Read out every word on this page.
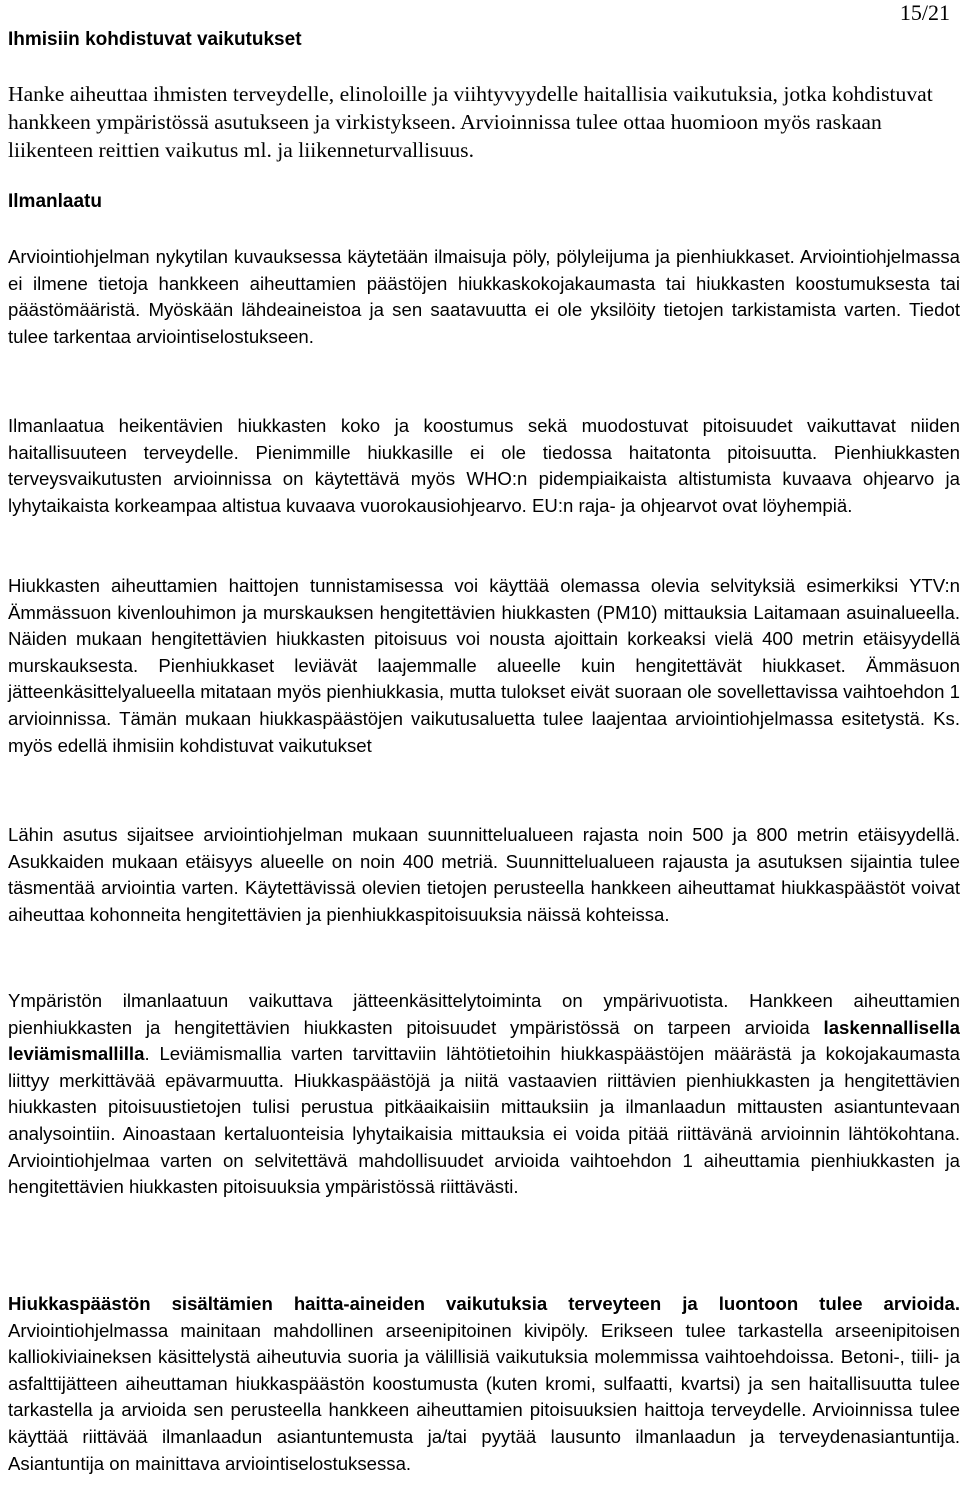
15/21
Ihmisiin kohdistuvat vaikutukset

Hanke aiheuttaa ihmisten terveydelle, elinoloille ja viihtyvyydelle haitallisia vaikutuksia, jotka kohdistuvat hankkeen ympäristössä asutukseen ja virkistykseen. Arvioinnissa tulee ottaa huomioon myös raskaan liikenteen reittien vaikutus ml. ja liikenneturvallisuus.

Ilmanlaatu

Arviointiohjelman nykytilan kuvauksessa käytetään ilmaisuja pöly, pölyleijuma ja pienhiukkaset. Arviointiohjelmassa ei ilmene tietoja hankkeen aiheuttamien päästöjen hiukkaskokojakaumasta tai hiukkasten koostumuksesta tai päästömääristä. Myöskään lähdeaineistoa ja sen saatavuutta ei ole yksilöity tietojen tarkistamista varten. Tiedot tulee tarkentaa arviointiselostukseen.

Ilmanlaatua heikentävien hiukkasten koko ja koostumus sekä muodostuvat pitoisuudet vaikuttavat niiden haitallisuuteen terveydelle. Pienimmille hiukkasille ei ole tiedossa haitatonta pitoisuutta. Pienhiukkasten terveysvaikutusten arvioinnissa on käytettävä myös WHO:n pidempiaikaista altistumista kuvaava ohjearvo ja lyhytaikaista korkeampaa altistua kuvaava vuorokausiohjearvo. EU:n raja- ja ohjearvot ovat löyhempiä.

Hiukkasten aiheuttamien haittojen tunnistamisessa voi käyttää olemassa olevia selvityksiä esimerkiksi YTV:n Ämmässuon kivenlouhimon ja murskauksen hengitettävien hiukkasten (PM10) mittauksia Laitamaan asuinalueella. Näiden mukaan hengitettävien hiukkasten pitoisuus voi nousta ajoittain korkeaksi vielä 400 metrin etäisyydellä murskauksesta. Pienhiukkaset leviävät laajemmalle alueelle kuin hengitettävät hiukkaset. Ämmäsuon jätteenkäsittelyalueella mitataan myös pienhiukkasia, mutta tulokset eivät suoraan ole sovellettavissa vaihtoehdon 1 arvioinnissa. Tämän mukaan hiukkaspäästöjen vaikutusaluetta tulee laajentaa arviointiohjelmassa esitetystä. Ks. myös edellä ihmisiin kohdistuvat vaikutukset

Lähin asutus sijaitsee arviointiohjelman mukaan suunnittelualueen rajasta noin 500 ja 800 metrin etäisyydellä. Asukkaiden mukaan etäisyys alueelle on noin 400 metriä. Suunnittelualueen rajausta ja asutuksen sijaintia tulee täsmentää arviointia varten. Käytettävissä olevien tietojen perusteella hankkeen aiheuttamat hiukkaspäästöt voivat aiheuttaa kohonneita hengitettävien ja pienhiukkaspitoisuuksia näissä kohteissa.

Ympäristön ilmanlaatuun vaikuttava jätteenkäsittelytoiminta on ympärivuotista. Hankkeen aiheuttamien pienhiukkasten ja hengitettävien hiukkasten pitoisuudet ympäristössä on tarpeen arvioida laskennallisella leviämismallilla. Leviämismallia varten tarvittaviin lähtötietoihin hiukkaspäästöjen määrästä ja kokojakaumasta liittyy merkittävää epävarmuutta. Hiukkaspäästöjä ja niitä vastaavien riittävien pienhiukkasten ja hengitettävien hiukkasten pitoisuustietojen tulisi perustua pitkäaikaisiin mittauksiin ja ilmanlaadun mittausten asiantuntevaan analysointiin. Ainoastaan kertaluonteisia lyhytaikaisia mittauksia ei voida pitää riittävänä arvioinnin lähtökohtana. Arviointiohjelmaa varten on selvitettävä mahdollisuudet arvioida vaihtoehdon 1 aiheuttamia pienhiukkasten ja hengitettävien hiukkasten pitoisuuksia ympäristössä riittävästi.

Hiukkaspäästön sisältämien haitta-aineiden vaikutuksia terveyteen ja luontoon tulee arvioida. Arviointiohjelmassa mainitaan mahdollinen arseenipitoinen kivipöly. Erikseen tulee tarkastella arseenipitoisen kalliokiviaineksen käsittelystä aiheutuvia suoria ja välillisiä vaikutuksia molemmissa vaihtoehdoissa. Betoni-, tiili- ja asfalttijätteen aiheuttaman hiukkaspäästön koostumusta (kuten kromi, sulfaatti, kvartsi) ja sen haitallisuutta tulee tarkastella ja arvioida sen perusteella hankkeen aiheuttamien pitoisuuksien haittoja terveydelle. Arvioinnissa tulee käyttää riittävää ilmanlaadun asiantuntemusta ja/tai pyytää lausunto ilmanlaadun ja terveydenasiantuntija. Asiantuntija on mainittava arviointiselostuksessa.
